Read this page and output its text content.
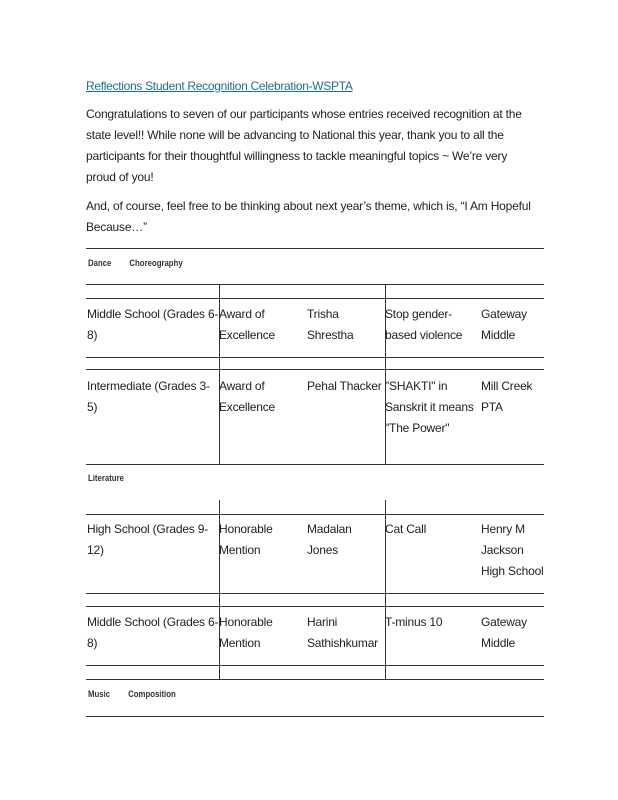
Reflections Student Recognition Celebration-WSPTA

Congratulations to seven of our participants whose entries received recognition at the state level!! While none will be advancing to National this year, thank you to all the participants for their thoughtful willingness to tackle meaningful topics ~ We’re very proud of you!

And, of course, feel free to be thinking about next year’s theme, which is, “I Am Hopeful Because…”

Dance Choreography
Literature
Music Composition
Middle School (Grades 6-8)
Award of Excellence
Trisha Shrestha
Stop gender-based violence
Gateway Middle
Intermediate (Grades 3-5)
Award of Excellence
Pehal Thacker "SHAKTI" in Sanskrit it means "The Power"
Mill Creek PTA
High School (Grades 9-12)
Honorable Mention
Madalan Jones
Cat Call	Henry M Jackson High School
Middle School (Grades 6-8)
Honorable Mention
Harini Sathishkumar
T-minus 10	Gateway Middle
